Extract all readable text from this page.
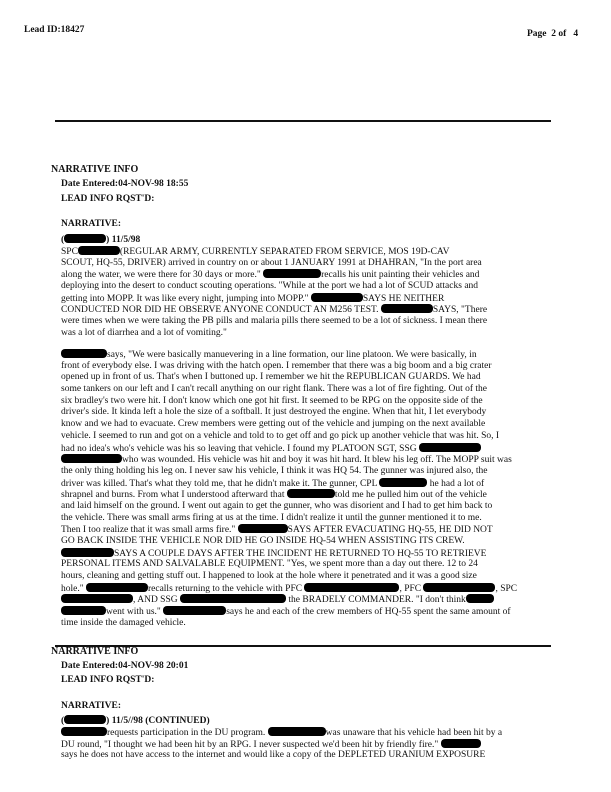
Lead ID:18427	Page  2 of   4
NARRATIVE INFO
Date Entered:04-NOV-98 18:55
LEAD INFO RQST'D:
NARRATIVE:
(	) 11/5/98
SPC	(REGULAR ARMY, CURRENTLY SEPARATED FROM SERVICE, MOS 19D-CAV
SCOUT, HQ-55, DRIVER) arrived in country on or about 1 JANUARY 1991 at DHAHRAN, "In the port area
along the water, we were there for 30 days or more."	recalls his unit painting their vehicles and
deploying into the desert to conduct scouting operations. "While at the port we had a lot of SCUD attacks and
getting into MOPP. It was like every night, jumping into MOPP."	SAYS HE NEITHER
CONDUCTED NOR DID HE OBSERVE ANYONE CONDUCT AN M256 TEST.	SAYS, "There
were times when we were taking the PB pills and malaria pills there seemed to be a lot of sickness. I mean there
was a lot of diarrhea and a lot of vomiting."
says, "We were basically manuevering in a line formation, our line platoon. We were basically, in
front of everybody else. I was driving with the hatch open. I remember that there was a big boom and a big crater
opened up in front of us. That's when I buttoned up. I remember we hit the REPUBLICAN GUARDS. We had
some tankers on our left and I can't recall anything on our right flank. There was a lot of fire fighting. Out of the
six bradley's two were hit. I don't know which one got hit first. It seemed to be RPG on the opposite side of the
driver's side. It kinda left a hole the size of a softball. It just destroyed the engine. When that hit, I let everybody
know and we had to evacuate. Crew members were getting out of the vehicle and jumping on the next available
vehicle. I seemed to run and got on a vehicle and told to to get off and go pick up another vehicle that was hit. So, I
had no idea's who's vehicle was his so leaving that vehicle. I found my PLATOON SGT, SSG
who was wounded. His vehicle was hit and boy it was hit hard. It blew his leg off. The MOPP suit was
the only thing holding his leg on. I never saw his vehicle, I think it was HQ 54. The gunner was injured also, the
driver was killed. That's what they told me, that he didn't make it. The gunner, CPL	he had a lot of
shrapnel and burns. From what I understood afterward that	told me he pulled him out of the vehicle
and laid himself on the ground. I went out again to get the gunner, who was disorient and I had to get him back to
the vehicle. There was small arms firing at us at the time. I didn't realize it until the gunner mentioned it to me.
Then I too realize that it was small arms fire."	SAYS AFTER EVACUATING HQ-55, HE DID NOT
GO BACK INSIDE THE VEHICLE NOR DID HE GO INSIDE HQ-54 WHEN ASSISTING ITS CREW.
SAYS A COUPLE DAYS AFTER THE INCIDENT HE RETURNED TO HQ-55 TO RETRIEVE
PERSONAL ITEMS AND SALVALABLE EQUIPMENT. "Yes, we spent more than a day out there. 12 to 24
hours, cleaning and getting stuff out. I happened to look at the hole where it penetrated and it was a good size
hole."	recalls returning to the vehicle with PFC	, PFC	, SPC
, AND SSG	the BRADELY COMMANDER. "I don't think
went with us."	says he and each of the crew members of HQ-55 spent the same amount of
time inside the damaged vehicle.
NARRATIVE INFO
Date Entered:04-NOV-98 20:01
LEAD INFO RQST'D:
NARRATIVE:
(	) 11/5//98 (CONTINUED)
requests participation in the DU program.	was unaware that his vehicle had been hit by a
DU round, "I thought we had been hit by an RPG. I never suspected we'd been hit by friendly fire."
says he does not have access to the internet and would like a copy of the DEPLETED URANIUM EXPOSURE
